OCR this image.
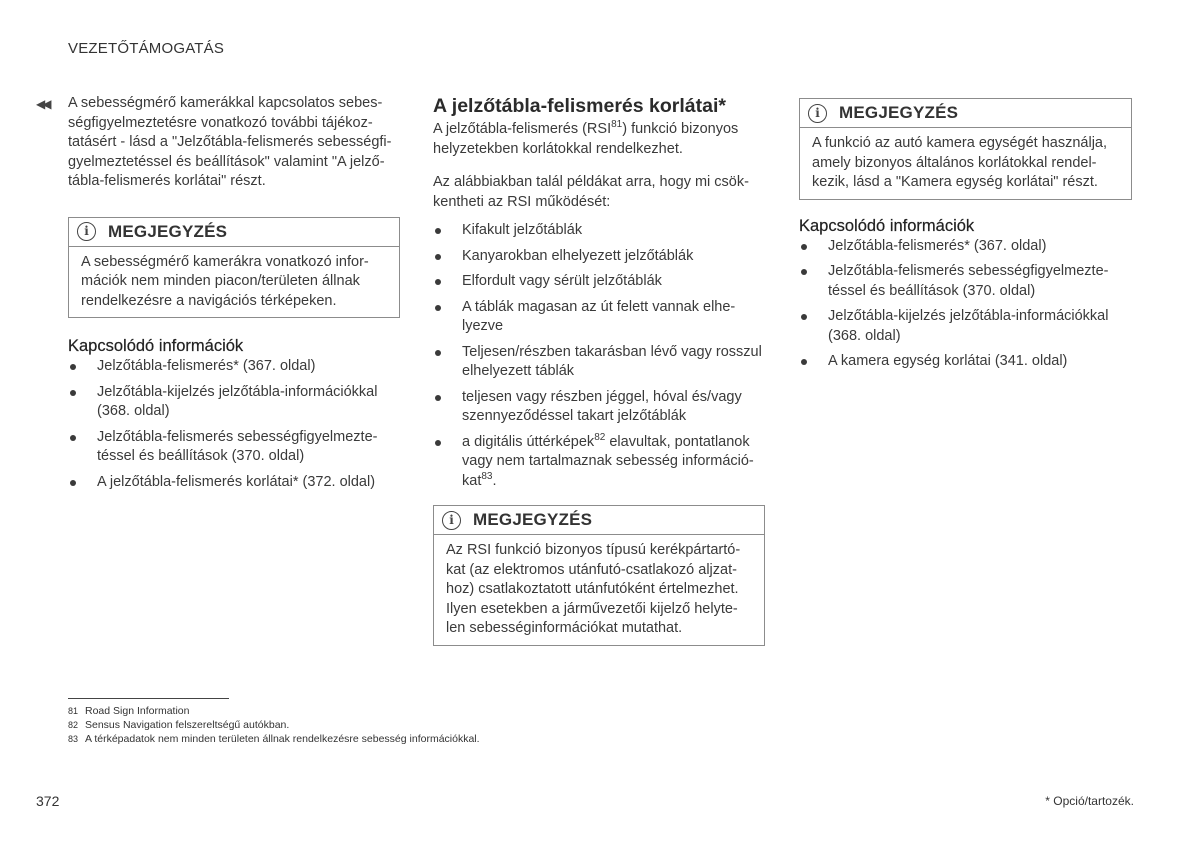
VEZETŐTÁMOGATÁS
◀◀	A sebességmérő kamerákkal kapcsolatos sebes-ségfigyelmeztetésre vonatkozó további tájékoz-tatásért - lásd a "Jelzőtábla-felismerés sebességfi-gyelmeztetéssel és beállítások" valamint "A jelző-tábla-felismerés korlátai" részt.
i	MEGJEGYZÉS
A sebességmérő kamerákra vonatkozó infor-mációk nem minden piacon/területen állnak rendelkezésre a navigációs térképeken.
Kapcsolódó információk
Jelzőtábla-felismerés* (367. oldal)
Jelzőtábla-kijelzés jelzőtábla-információkkal (368. oldal)
Jelzőtábla-felismerés sebességfigyelmezte-téssel és beállítások (370. oldal)
A jelzőtábla-felismerés korlátai* (372. oldal)
A jelzőtábla-felismerés korlátai*

A jelzőtábla-felismerés (RSI$^{81}$) funkció bizonyos helyzetekben korlátokkal rendelkezhet.

Az alábbiakban talál példákat arra, hogy mi csök-kentheti az RSI működését:

Kifakult jelzőtáblák
Kanyarokban elhelyezett jelzőtáblák
Elfordult vagy sérült jelzőtáblák
A táblák magasan az út felett vannak elhe-lyezve
Teljesen/részben takarásban lévő vagy rosszul elhelyezett táblák
teljesen vagy részben jéggel, hóval és/vagy szennyeződéssel takart jelzőtáblák
a digitális úttérképek$^{82}$ elavultak, pontatlanok vagy nem tartalmaznak sebesség információ-kat$^{83}$.
i	MEGJEGYZÉS
Az RSI funkció bizonyos típusú kerékpártartó-kat (az elektromos utánfutó-csatlakozó aljzat-hoz) csatlakoztatott utánfutóként értelmezhet. Ilyen esetekben a járművezetői kijelző helyte-len sebességinformációkat mutathat.
i	MEGJEGYZÉS
A funkció az autó kamera egységét használja, amely bizonyos általános korlátokkal rendel-kezik, lásd a "Kamera egység korlátai" részt.
Kapcsolódó információk
Jelzőtábla-felismerés* (367. oldal)
Jelzőtábla-felismerés sebességfigyelmezte-téssel és beállítások (370. oldal)
Jelzőtábla-kijelzés jelzőtábla-információkkal (368. oldal)
A kamera egység korlátai (341. oldal)
81 Road Sign Information
82 Sensus Navigation felszereltségű autókban.
83 A térképadatok nem minden területen állnak rendelkezésre sebesség információkkal.
372	* Opció/tartozék.
